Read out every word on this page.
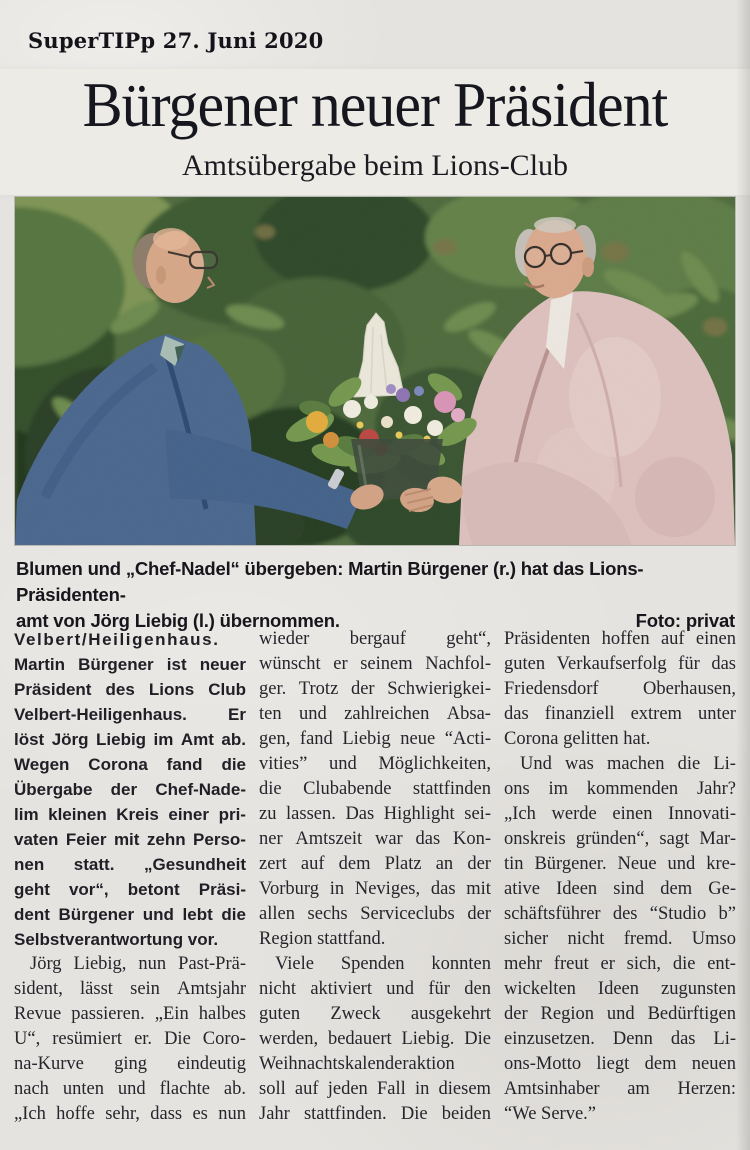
SuperTIPp 27. Juni 2020
Bürgener neuer Präsident
Amtsübergabe beim Lions-Club
Blumen und „Chef-Nadel“ übergeben: Martin Bürgener (r.) hat das Lions-Präsidenten-
amt von Jörg Liebig (l.) übernommen.	Foto: privat
Velbert/Heiligenhaus.
Martin Bürgener ist neuer
Präsident des Lions Club
Velbert-Heiligenhaus. Er
löst Jörg Liebig im Amt ab.
Wegen Corona fand die
Übergabe der Chef-Nade-
lim kleinen Kreis einer pri-
vaten Feier mit zehn Perso-
nen statt. „Gesundheit
geht vor“, betont Präsi-
dent Bürgener und lebt die
Selbstverantwortung vor.
Jörg Liebig, nun Past-Prä-
sident, lässt sein Amtsjahr
Revue passieren. „Ein halbes
U“, resümiert er. Die Coro-
na-Kurve ging eindeutig
nach unten und flachte ab.
„Ich hoffe sehr, dass es nun
wieder bergauf geht“,
wünscht er seinem Nachfol-
ger. Trotz der Schwierigkei-
ten und zahlreichen Absa-
gen, fand Liebig neue “Acti-
vities” und Möglichkeiten,
die Clubabende stattfinden
zu lassen. Das Highlight sei-
ner Amtszeit war das Kon-
zert auf dem Platz an der
Vorburg in Neviges, das mit
allen sechs Serviceclubs der
Region stattfand.
Viele Spenden konnten
nicht aktiviert und für den
guten Zweck ausgekehrt
werden, bedauert Liebig. Die
Weihnachtskalenderaktion
soll auf jeden Fall in diesem
Jahr stattfinden. Die beiden
Präsidenten hoffen auf einen
guten Verkaufserfolg für das
Friedensdorf Oberhausen,
das finanziell extrem unter
Corona gelitten hat.
Und was machen die Li-
ons im kommenden Jahr?
„Ich werde einen Innovati-
onskreis gründen“, sagt Mar-
tin Bürgener. Neue und kre-
ative Ideen sind dem Ge-
schäftsführer des “Studio b”
sicher nicht fremd. Umso
mehr freut er sich, die ent-
wickelten Ideen zugunsten
der Region und Bedürftigen
einzusetzen. Denn das Li-
ons-Motto liegt dem neuen
Amtsinhaber am Herzen:
“We Serve.”
